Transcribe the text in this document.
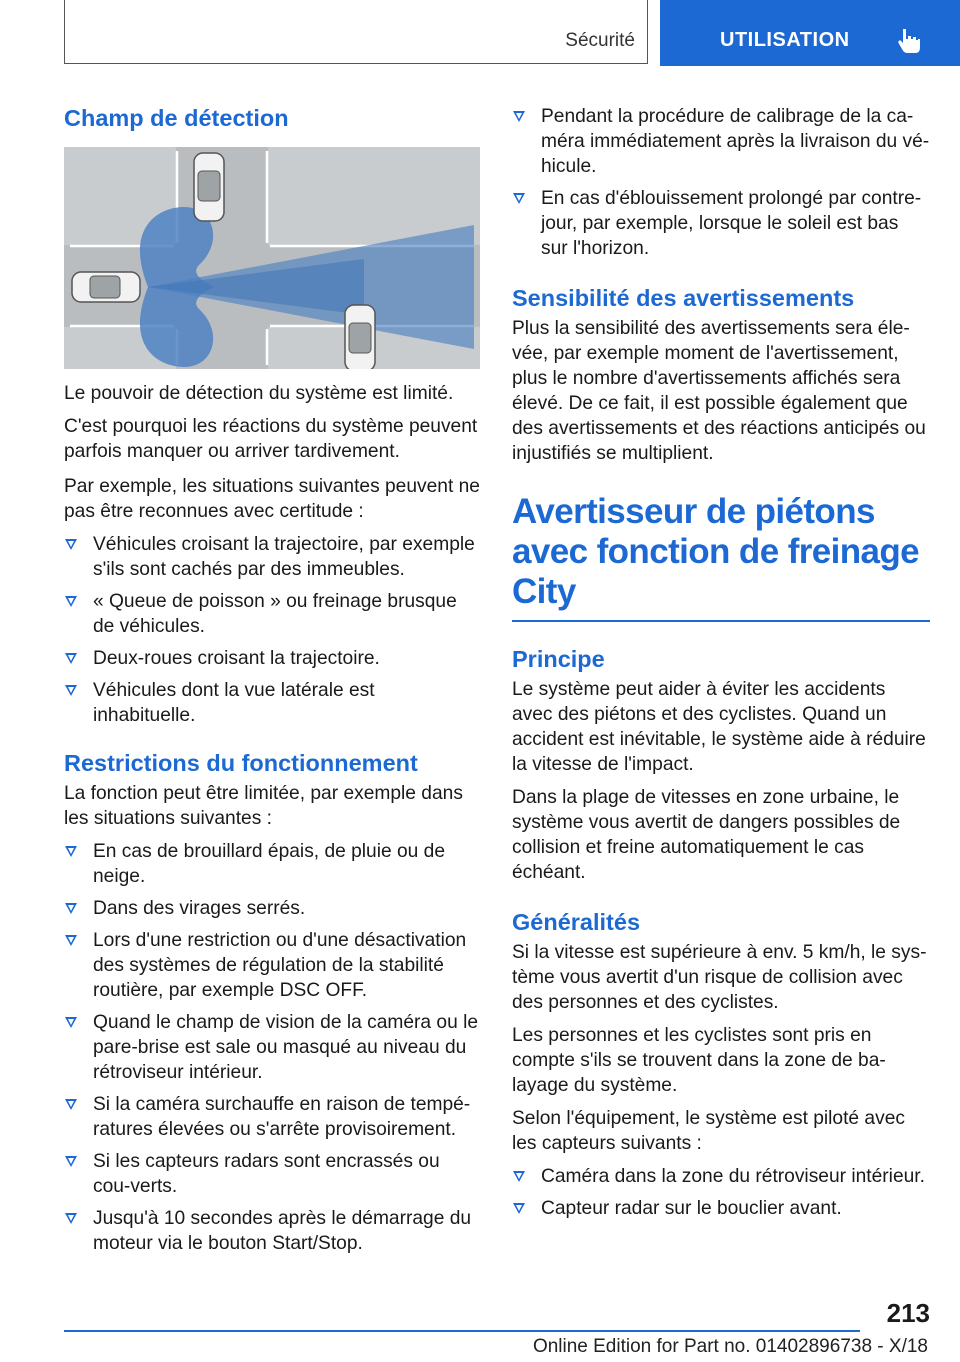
Sécurité	UTILISATION
Champ de détection

Le pouvoir de détection du système est limité.

C'est pourquoi les réactions du système peuvent parfois manquer ou arriver tardivement.

Par exemple, les situations suivantes peuvent ne pas être reconnues avec certitude :

Véhicules croisant la trajectoire, par exemple s'ils sont cachés par des immeubles.
« Queue de poisson » ou freinage brusque de véhicules.
Deux-roues croisant la trajectoire.
Véhicules dont la vue latérale est inhabituelle.
Restrictions du fonctionnement

La fonction peut être limitée, par exemple dans les situations suivantes :

En cas de brouillard épais, de pluie ou de neige.
Dans des virages serrés.
Lors d'une restriction ou d'une désactivation des systèmes de régulation de la stabilité routière, par exemple DSC OFF.
Quand le champ de vision de la caméra ou le pare-brise est sale ou masqué au niveau du rétroviseur intérieur.
Si la caméra surchauffe en raison de tempé-ratures élevées ou s'arrête provisoirement.
Si les capteurs radars sont encrassés ou cou-verts.
Jusqu'à 10 secondes après le démarrage du moteur via le bouton Start/Stop.
Pendant la procédure de calibrage de la ca-méra immédiatement après la livraison du vé-hicule.
En cas d'éblouissement prolongé par contre-jour, par exemple, lorsque le soleil est bas sur l'horizon.
Sensibilité des avertissements

Plus la sensibilité des avertissements sera éle-vée, par exemple moment de l'avertissement, plus le nombre d'avertissements affichés sera élevé. De ce fait, il est possible également que des avertissements et des réactions anticipés ou injustifiés se multiplient.

Avertisseur de piétons avec fonction de freinage City
Principe

Le système peut aider à éviter les accidents avec des piétons et des cyclistes. Quand un accident est inévitable, le système aide à réduire la vitesse de l'impact.

Dans la plage de vitesses en zone urbaine, le système vous avertit de dangers possibles de collision et freine automatiquement le cas échéant.

Généralités

Si la vitesse est supérieure à env. 5 km/h, le sys-tème vous avertit d'un risque de collision avec des personnes et des cyclistes.

Les personnes et les cyclistes sont pris en compte s'ils se trouvent dans la zone de ba-layage du système.

Selon l'équipement, le système est piloté avec les capteurs suivants :

Caméra dans la zone du rétroviseur intérieur.
Capteur radar sur le bouclier avant.
213
Online Edition for Part no. 01402896738 - X/18
